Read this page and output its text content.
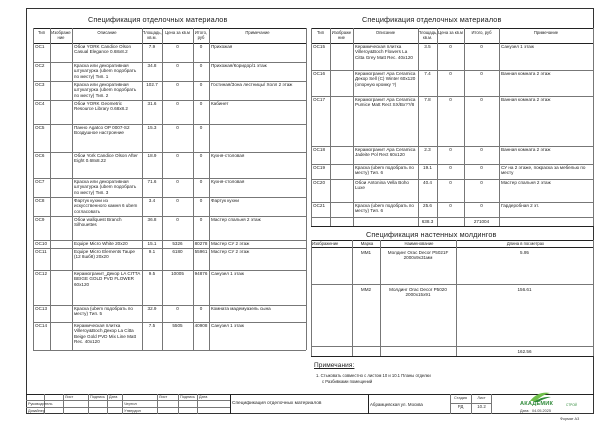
Спецификация отделочных материалов
Тип	Изображе ние
Описание	Площадь, кв.м.
Цена за кв.м	Итого, руб
Примечание
ОС1	Обои YORK Candice Olson Casual Elegance 0.68х8.2
7.9	0	0	Прихожая
ОС2	Краска или декоративная штукатурка (ubem подобрать по месту) Тип. 1
34.8	0	0	Прихожая/Коридор/1 этаж
ОС3	Краска или декоративная штукатурка (ubem подобрать по месту) Тип. 2
102.7	0	0	Гостиная/Зона лестницы/ Холл 2 этаж
ОС4	Обои YORK Geometric Resource Library 0.68х8.2
31.6	0	0	Кабинет
ОС5	Панно Agatco OP 0007-S2 Воздушное настроение
15.3	0	0
ОС6	Обои York Candice Olson After Eight 0.68х8.22
18.9	0	0	Кухня-столовая
ОС7	Краска или декоративная штукатурка (ubem подобрать по месту) Тип. 3
71.6	0	0	Кухня-столовая
ОС8	Фартук кухни из искусственного камня 6 ubem согласовать
3.4	0	0	Фартук кухни
ОС9	Обои wallquest Branch Silhouettes
36.8	0	0	Мастер спальня 2 этаж
ОС10	Equipe Micro White 20х20	15.1	5326	80278 Мастер СУ 2 этаж
ОС11	Equipe Micro Elements Taupe (12 8шб8) 20х20
9.1	6180	55961 Мастер СУ 2 этаж
ОС12	Керамогранит_Декор LA CITTA BEIGE GOLD PVD FLOWER 60х120
9.5	10005	94876 Санузел 1 этаж
ОС13	Краска (ubem подобрать по месту) Тип. 5
32.9	0	0	Комната мадемуазель сына
ОС14	Керамическая плитка Villeroy&Boch Декор La Citta Beige Gold PVD Mix Line Matt Rec. 40х120
7.5	5505	40908 Санузел 1 этаж
Спецификация отделочных материалов
Тип	Изображе ние
Описание	Площадь, кв.м.
Цена за кв.м	Итого, руб	Примечание
ОС15	Керамическая плитка Villeroy&Boch Flowers La Citta Grey Matt Rec. 40х120
3.5	0	0	Санузел 1 этаж
ОС16	Керамогранит Apa Ceramica Декор Sell (C) Winter 60х120 (опорную кромку ?)
7.4	0	0	Ванная комната 2 этаж
ОС17	Керамогранит Apa Ceramica Pumice Matt Rect SX/Bx??/8
7.8	0	0	Ванная комната 2 этаж
ОС18	Керамогранит Apa Ceramica Jadeite Pol Rect 60х120
2.3	0	0	Ванная комната 2 этаж
ОС19	Краска (ubem подобрать по месту) Тип. 6
19.1	0	0	СУ на 2 этаже, покраска за мебелью по месту
ОС20	Обои Antonina Vella Boho Luxe
40.4	0	0	Мастер спальня 2 этаж
ОС21	Краска (ubem подобрать по месту) Тип. 6
25.6	0	0	Гардеробная 2 эт.
638.3	271004
Спецификация настенных молдингов
Изображение	Марка	Наименование	Длина в пог.метрах
ММ1	Молдинг Orac Decor P5021F 2000х9х31мм
5.95
ММ2	Молдинг Orac Decor P5020 2000х15х91
156.61
162.56
Примечания:
1. Стыковать совместно с листом 10 и 10.1 Планы отделки
с Разбивками помещений
Лист	Подпись Дата	Лист	Подпись Дата
Руководитель
Дизайнер
Чертил
Утвердил
Спецификация отделочных материалов	Абрамцевская ул. Москва
Стадия	Лист
РД	10.2	АКАДЕМИК	СТРОЙ
Дата: 04.05.2025
Формат А3
